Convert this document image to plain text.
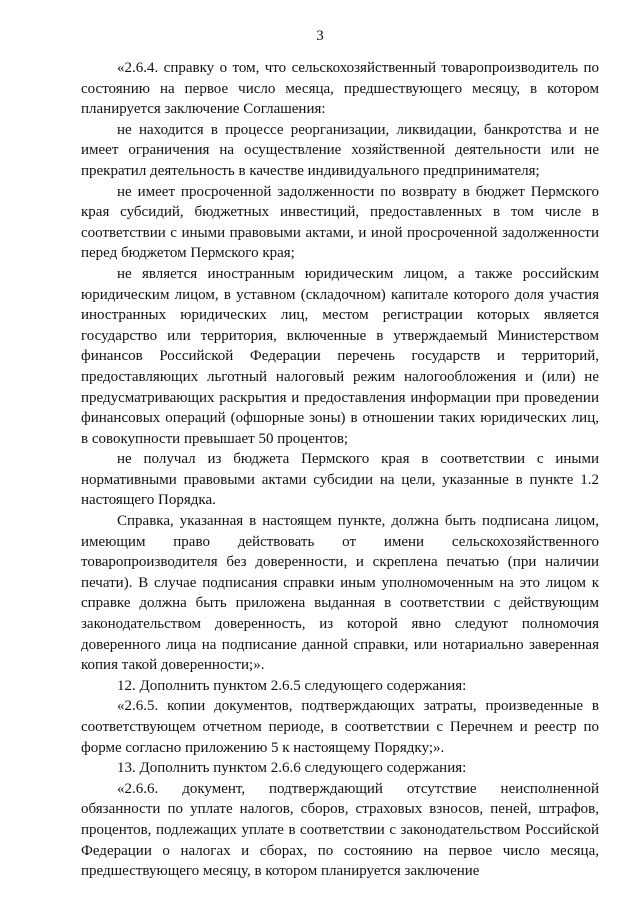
3

«2.6.4. справку о том, что сельскохозяйственный товаропроизводитель по состоянию на первое число месяца, предшествующего месяцу, в котором планируется заключение Соглашения:

не находится в процессе реорганизации, ликвидации, банкротства и не имеет ограничения на осуществление хозяйственной деятельности или не прекратил деятельность в качестве индивидуального предпринимателя;

не имеет просроченной задолженности по возврату в бюджет Пермского края субсидий, бюджетных инвестиций, предоставленных в том числе в соответствии с иными правовыми актами, и иной просроченной задолженности перед бюджетом Пермского края;

не является иностранным юридическим лицом, а также российским юридическим лицом, в уставном (складочном) капитале которого доля участия иностранных юридических лиц, местом регистрации которых является государство или территория, включенные в утверждаемый Министерством финансов Российской Федерации перечень государств и территорий, предоставляющих льготный налоговый режим налогообложения и (или) не предусматривающих раскрытия и предоставления информации при проведении финансовых операций (офшорные зоны) в отношении таких юридических лиц, в совокупности превышает 50 процентов;

не получал из бюджета Пермского края в соответствии с иными нормативными правовыми актами субсидии на цели, указанные в пункте 1.2 настоящего Порядка.

Справка, указанная в настоящем пункте, должна быть подписана лицом, имеющим право действовать от имени сельскохозяйственного товаропроизводителя без доверенности, и скреплена печатью (при наличии печати). В случае подписания справки иным уполномоченным на это лицом к справке должна быть приложена выданная в соответствии с действующим законодательством доверенность, из которой явно следуют полномочия доверенного лица на подписание данной справки, или нотариально заверенная копия такой доверенности;».

12. Дополнить пунктом 2.6.5 следующего содержания:

«2.6.5. копии документов, подтверждающих затраты, произведенные в соответствующем отчетном периоде, в соответствии с Перечнем и реестр по форме согласно приложению 5 к настоящему Порядку;».

13. Дополнить пунктом 2.6.6 следующего содержания:

«2.6.6. документ, подтверждающий отсутствие неисполненной обязанности по уплате налогов, сборов, страховых взносов, пеней, штрафов, процентов, подлежащих уплате в соответствии с законодательством Российской Федерации о налогах и сборах, по состоянию на первое число месяца, предшествующего месяцу, в котором планируется заключение
